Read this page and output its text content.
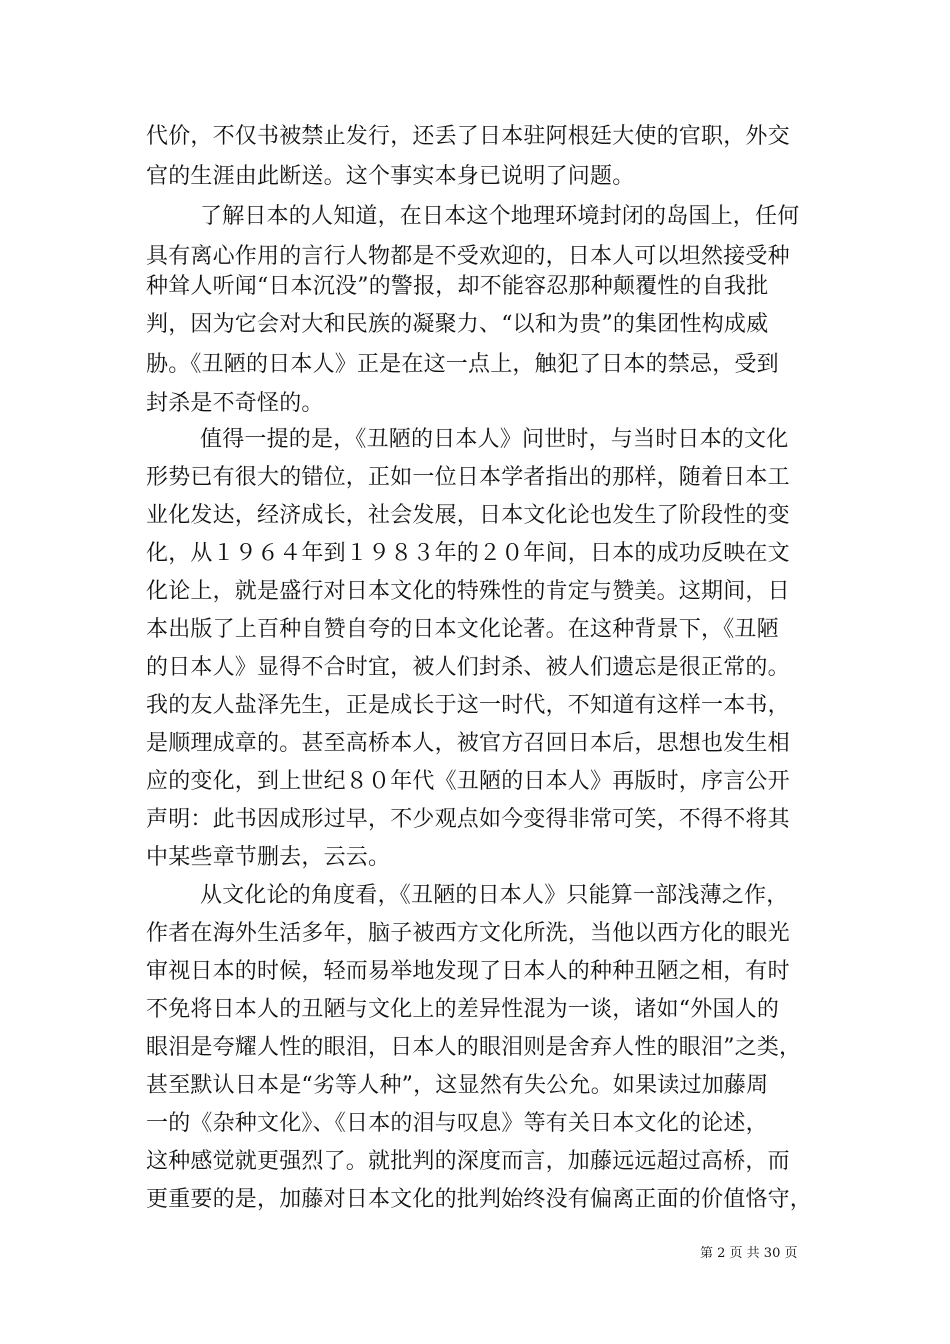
代价，不仅书被禁止发行，还丢了日本驻阿根廷大使的官职，外交
官的生涯由此断送。这个事实本身已说明了问题。
了解日本的人知道，在日本这个地理环境封闭的岛国上，任何
具有离心作用的言行人物都是不受欢迎的，日本人可以坦然接受种
种耸人听闻“日本沉没”的警报，却不能容忍那种颠覆性的自我批
判，因为它会对大和民族的凝聚力、“以和为贵”的集团性构成威
胁。《丑陋的日本人》正是在这一点上，触犯了日本的禁忌，受到
封杀是不奇怪的。
值得一提的是，《丑陋的日本人》问世时，与当时日本的文化
形势已有很大的错位，正如一位日本学者指出的那样，随着日本工
业化发达，经济成长，社会发展，日本文化论也发生了阶段性的变
化，从１９６４年到１９８３年的２０年间，日本的成功反映在文
化论上，就是盛行对日本文化的特殊性的肯定与赞美。这期间，日
本出版了上百种自赞自夸的日本文化论著。在这种背景下，《丑陋
的日本人》显得不合时宜，被人们封杀、被人们遗忘是很正常的。
我的友人盐泽先生，正是成长于这一时代，不知道有这样一本书，
是顺理成章的。甚至高桥本人，被官方召回日本后，思想也发生相
应的变化，到上世纪８０年代《丑陋的日本人》再版时，序言公开
声明：此书因成形过早，不少观点如今变得非常可笑，不得不将其
中某些章节删去，云云。
从文化论的角度看，《丑陋的日本人》只能算一部浅薄之作，
作者在海外生活多年，脑子被西方文化所洗，当他以西方化的眼光
审视日本的时候，轻而易举地发现了日本人的种种丑陋之相，有时
不免将日本人的丑陋与文化上的差异性混为一谈，诸如“外国人的
眼泪是夸耀人性的眼泪，日本人的眼泪则是舍弃人性的眼泪”之类，
甚至默认日本是“劣等人种”，这显然有失公允。如果读过加藤周
一的《杂种文化》、《日本的泪与叹息》等有关日本文化的论述，
这种感觉就更强烈了。就批判的深度而言，加藤远远超过高桥，而
更重要的是，加藤对日本文化的批判始终没有偏离正面的价值恪守，
第 2 页 共 30 页
